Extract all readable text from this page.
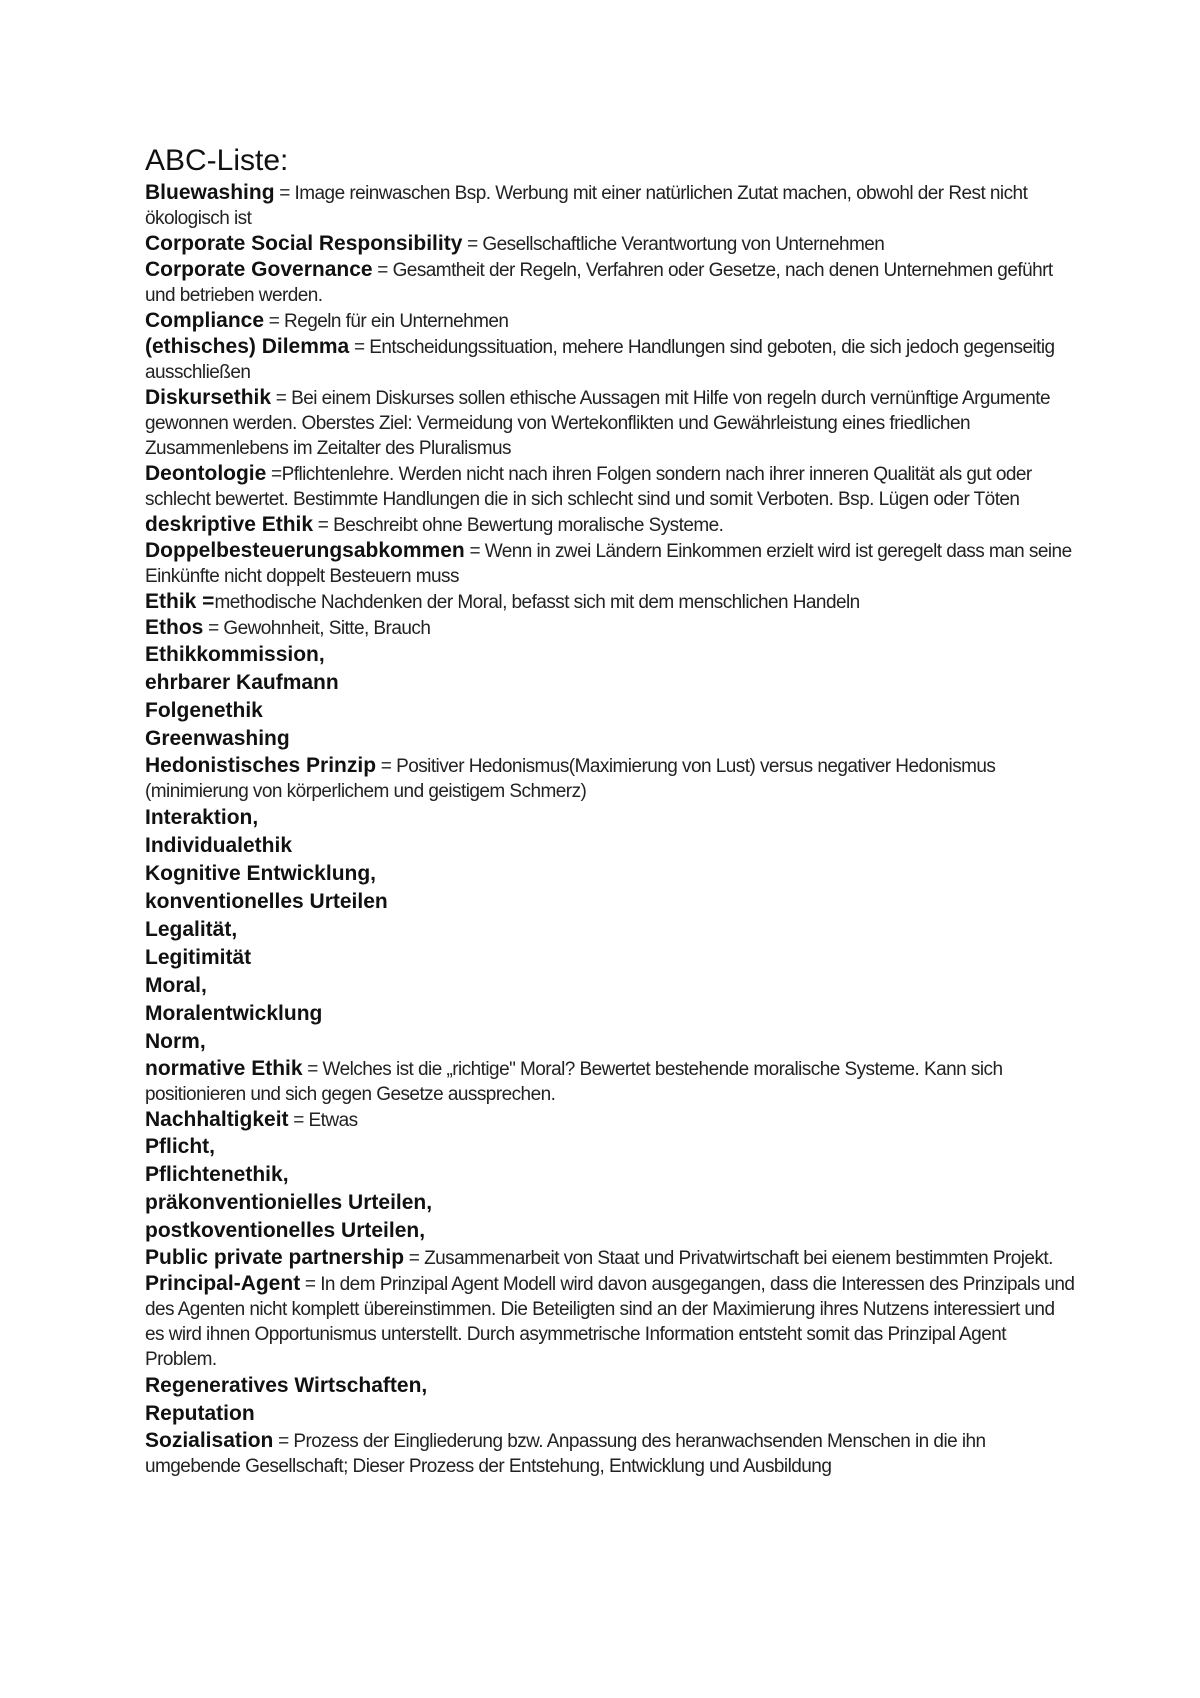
ABC-Liste:
Bluewashing = Image reinwaschen Bsp. Werbung mit einer natürlichen Zutat machen, obwohl der Rest nicht ökologisch ist
Corporate Social Responsibility = Gesellschaftliche Verantwortung von Unternehmen
Corporate Governance = Gesamtheit der Regeln, Verfahren oder Gesetze, nach denen Unternehmen geführt und betrieben werden.
Compliance = Regeln für ein Unternehmen
(ethisches) Dilemma = Entscheidungssituation, mehere Handlungen sind geboten, die sich jedoch gegenseitig ausschließen
Diskursethik = Bei einem Diskurses sollen ethische Aussagen mit Hilfe von regeln durch vernünftige Argumente gewonnen werden. Oberstes Ziel: Vermeidung von Wertekonflikten und Gewährleistung eines friedlichen Zusammenlebens im Zeitalter des Pluralismus
Deontologie =Pflichtenlehre. Werden nicht nach ihren Folgen sondern nach ihrer inneren Qualität als gut oder schlecht bewertet. Bestimmte Handlungen die in sich schlecht sind und somit Verboten. Bsp. Lügen oder Töten
deskriptive Ethik = Beschreibt ohne Bewertung moralische Systeme.
Doppelbesteuerungsabkommen = Wenn in zwei Ländern Einkommen erzielt wird ist geregelt dass man seine Einkünfte nicht doppelt Besteuern muss
Ethik =methodische Nachdenken der Moral, befasst sich mit dem menschlichen Handeln
Ethos = Gewohnheit, Sitte, Brauch
Ethikkommission,
ehrbarer Kaufmann
Folgenethik
Greenwashing
Hedonistisches Prinzip = Positiver Hedonismus(Maximierung von Lust) versus negativer Hedonismus (minimierung von körperlichem und geistigem Schmerz)
Interaktion,
Individualethik
Kognitive Entwicklung,
konventionelles Urteilen
Legalität,
Legitimität
Moral,
Moralentwicklung
Norm,
normative Ethik = Welches ist die „richtige" Moral? Bewertet bestehende moralische Systeme. Kann sich positionieren und sich gegen Gesetze aussprechen.
Nachhaltigkeit = Etwas
Pflicht,
Pflichtenethik,
präkonventionielles Urteilen,
postkoventionelles Urteilen,
Public private partnership = Zusammenarbeit von Staat und Privatwirtschaft bei eienem bestimmten Projekt.
Principal-Agent = In dem Prinzipal Agent Modell wird davon ausgegangen, dass die Interessen des Prinzipals und des Agenten nicht komplett übereinstimmen. Die Beteiligten sind an der Maximierung ihres Nutzens interessiert und es wird ihnen Opportunismus unterstellt. Durch asymmetrische Information entsteht somit das Prinzipal Agent Problem.
Regeneratives Wirtschaften,
Reputation
Sozialisation = Prozess der Eingliederung bzw. Anpassung des heranwachsenden Menschen in die ihn umgebende Gesellschaft; Dieser Prozess der Entstehung, Entwicklung und Ausbildung
